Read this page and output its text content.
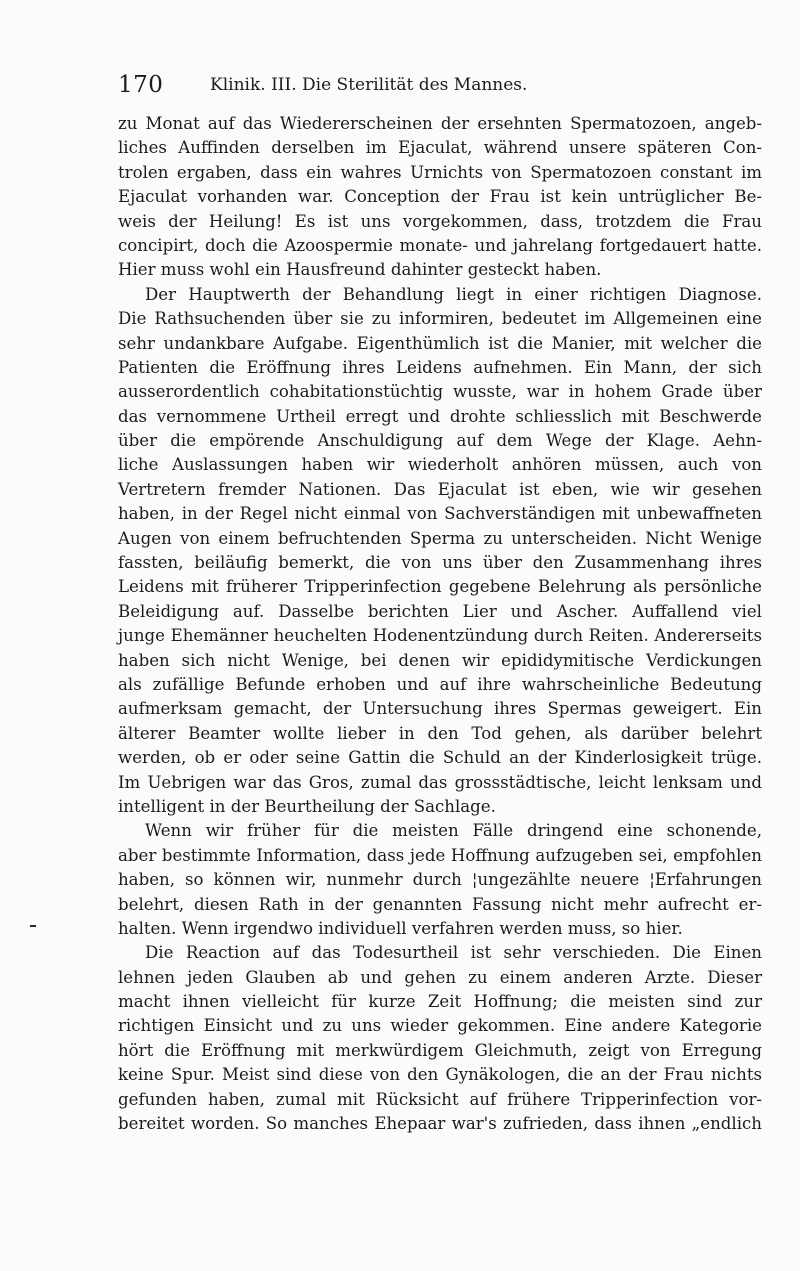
170	Klinik. III. Die Sterilität des Mannes.
zu Monat auf das Wiedererscheinen der ersehnten Spermatozoen, angeb-
liches Auffinden derselben im Ejaculat, während unsere späteren Con-
trolen ergaben, dass ein wahres Urnichts von Spermatozoen constant im
Ejaculat vorhanden war. Conception der Frau ist kein untrüglicher Be-
weis der Heilung! Es ist uns vorgekommen, dass, trotzdem die Frau
concipirt, doch die Azoospermie monate- und jahrelang fortgedauert hatte.
Hier muss wohl ein Hausfreund dahinter gesteckt haben.
Der Hauptwerth der Behandlung liegt in einer richtigen Diagnose.
Die Rathsuchenden über sie zu informiren, bedeutet im Allgemeinen eine
sehr undankbare Aufgabe. Eigenthümlich ist die Manier, mit welcher die
Patienten die Eröffnung ihres Leidens aufnehmen. Ein Mann, der sich
ausserordentlich cohabitationstüchtig wusste, war in hohem Grade über
das vernommene Urtheil erregt und drohte schliesslich mit Beschwerde
über die empörende Anschuldigung auf dem Wege der Klage. Aehn-
liche Auslassungen haben wir wiederholt anhören müssen, auch von
Vertretern fremder Nationen. Das Ejaculat ist eben, wie wir gesehen
haben, in der Regel nicht einmal von Sachverständigen mit unbewaffneten
Augen von einem befruchtenden Sperma zu unterscheiden. Nicht Wenige
fassten, beiläufig bemerkt, die von uns über den Zusammenhang ihres
Leidens mit früherer Tripperinfection gegebene Belehrung als persönliche
Beleidigung auf. Dasselbe berichten Lier und Ascher. Auffallend viel
junge Ehemänner heuchelten Hodenentzündung durch Reiten. Andererseits
haben sich nicht Wenige, bei denen wir epididymitische Verdickungen
als zufällige Befunde erhoben und auf ihre wahrscheinliche Bedeutung
aufmerksam gemacht, der Untersuchung ihres Spermas geweigert. Ein
älterer Beamter wollte lieber in den Tod gehen, als darüber belehrt
werden, ob er oder seine Gattin die Schuld an der Kinderlosigkeit trüge.
Im Uebrigen war das Gros, zumal das grossstädtische, leicht lenksam und
intelligent in der Beurtheilung der Sachlage.
Wenn wir früher für die meisten Fälle dringend eine schonende,
aber bestimmte Information, dass jede Hoffnung aufzugeben sei, empfohlen
haben, so können wir, nunmehr durch ¦ungezählte neuere ¦Erfahrungen
belehrt, diesen Rath in der genannten Fassung nicht mehr aufrecht er-
halten. Wenn irgendwo individuell verfahren werden muss, so hier.
Die Reaction auf das Todesurtheil ist sehr verschieden. Die Einen
lehnen jeden Glauben ab und gehen zu einem anderen Arzte. Dieser
macht ihnen vielleicht für kurze Zeit Hoffnung; die meisten sind zur
richtigen Einsicht und zu uns wieder gekommen. Eine andere Kategorie
hört die Eröffnung mit merkwürdigem Gleichmuth, zeigt von Erregung
keine Spur. Meist sind diese von den Gynäkologen, die an der Frau nichts
gefunden haben, zumal mit Rücksicht auf frühere Tripperinfection vor-
bereitet worden. So manches Ehepaar war's zufrieden, dass ihnen „endlich
